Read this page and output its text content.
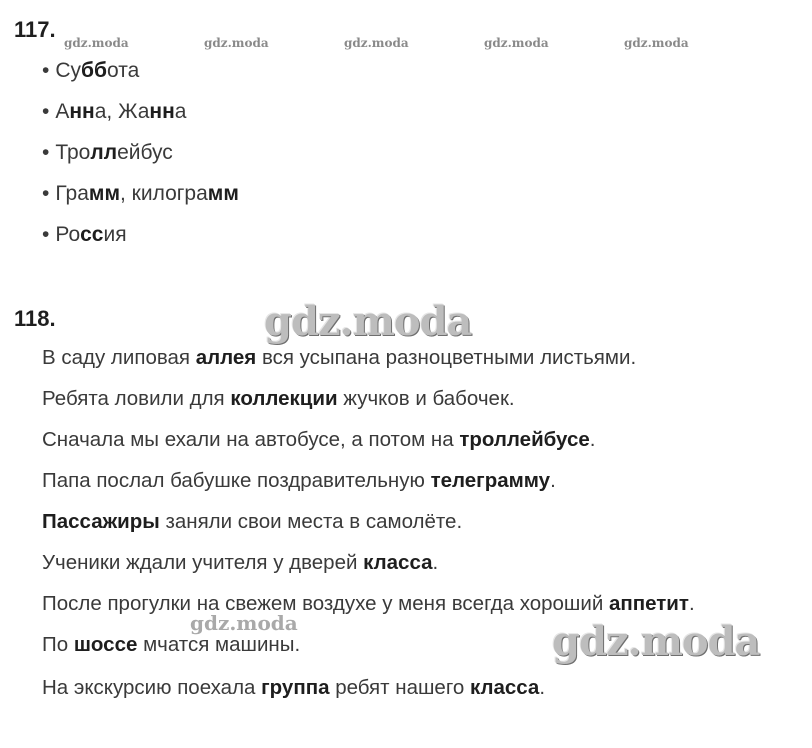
117.
gdz.moda	gdz.moda	gdz.moda	gdz.moda	gdz.moda
• Суббота
• Анна, Жанна
• Троллейбус
• Грамм, килограмм
• Россия
118.	gdz.moda
В саду липовая аллея вся усыпана разноцветными листьями.
Ребята ловили для коллекции жучков и бабочек.
Сначала мы ехали на автобусе, а потом на троллейбусе.
Папа послал бабушке поздравительную телеграмму.
Пассажиры заняли свои места в самолёте.
Ученики ждали учителя у дверей класса.
После прогулки на свежем воздухе у меня всегда хороший аппетит.
gdz.moda
По шоссе мчатся машины.	gdz.moda
На экскурсию поехала группа ребят нашего класса.
